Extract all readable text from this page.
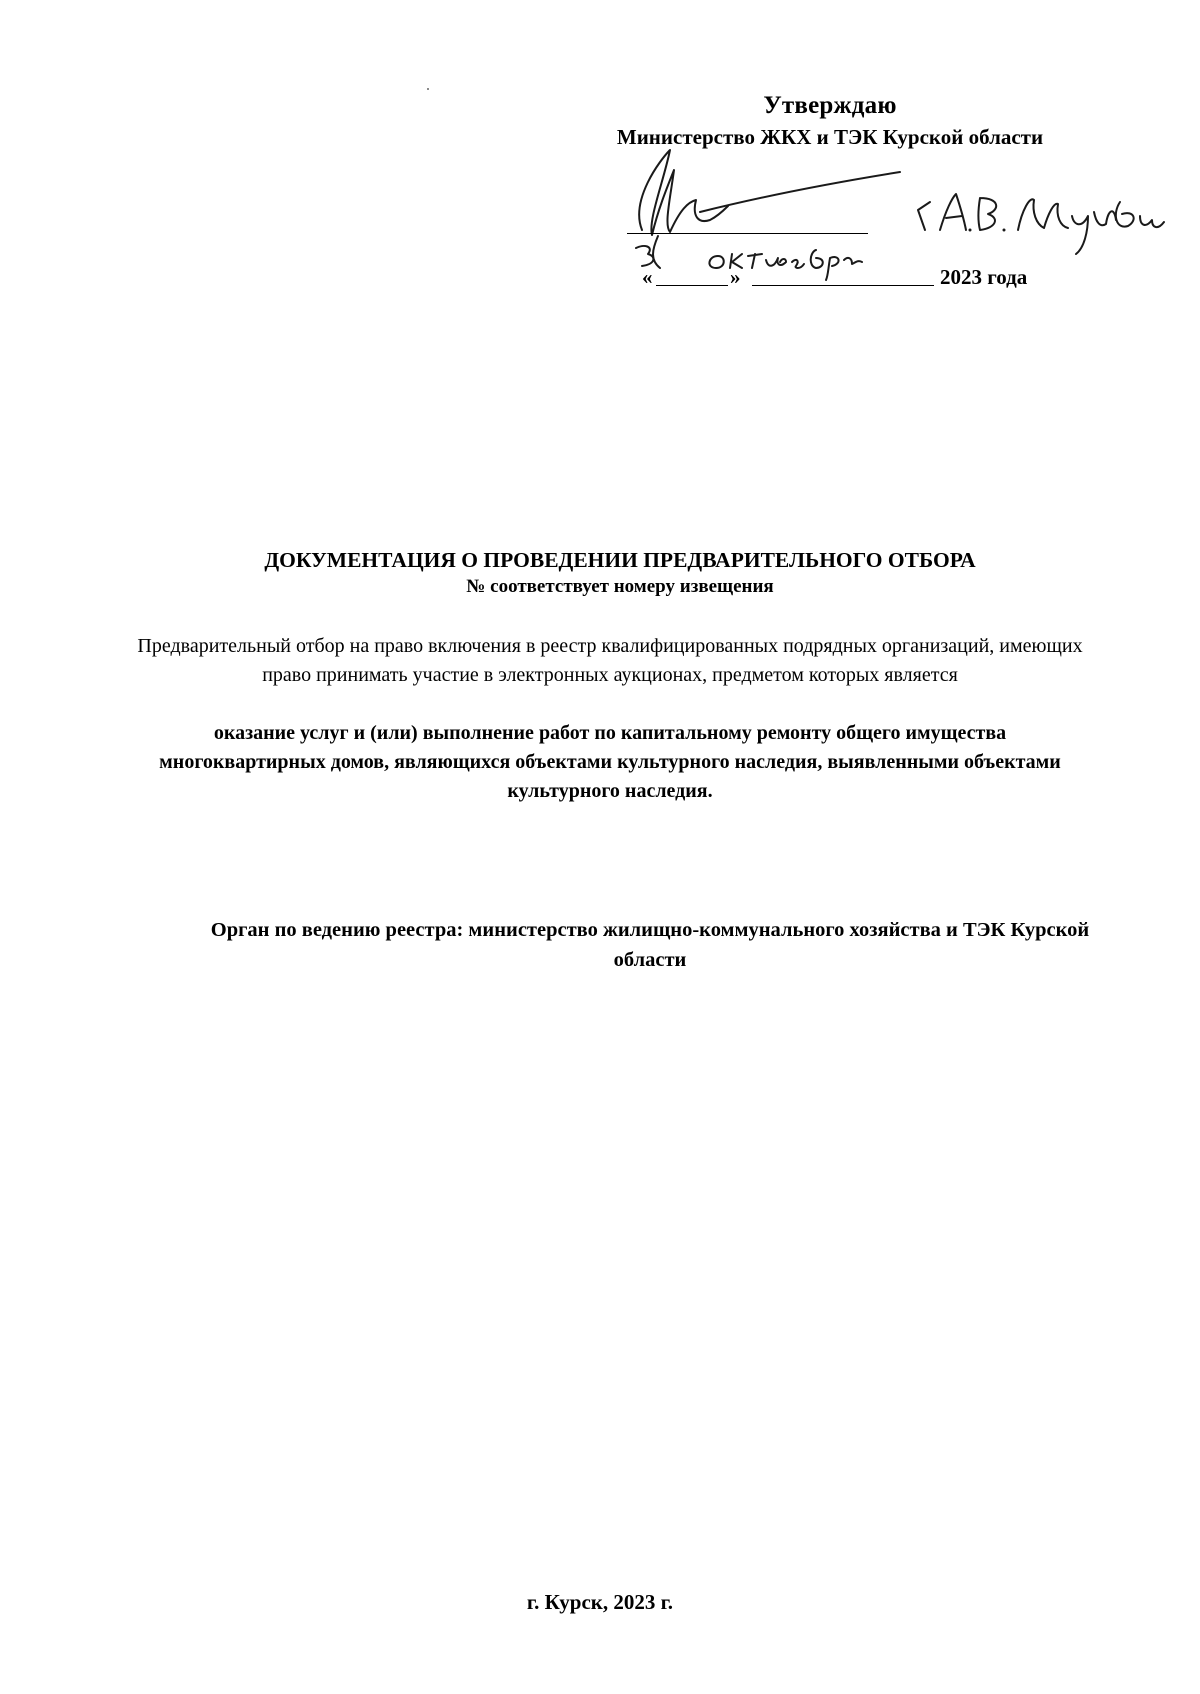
Утверждаю
Министерство ЖКХ и ТЭК Курской области
«	»	2023 года
ДОКУМЕНТАЦИЯ О ПРОВЕДЕНИИ ПРЕДВАРИТЕЛЬНОГО ОТБОРА
№ соответствует номеру извещения
Предварительный отбор на право включения в реестр квалифицированных подрядных организаций, имеющих право принимать участие в электронных аукционах, предметом которых является
оказание услуг и (или) выполнение работ по капитальному ремонту общего имущества многоквартирных домов, являющихся объектами культурного наследия, выявленными объектами культурного наследия.
Орган по ведению реестра: министерство жилищно-коммунального хозяйства и ТЭК Курской области
г. Курск, 2023 г.
